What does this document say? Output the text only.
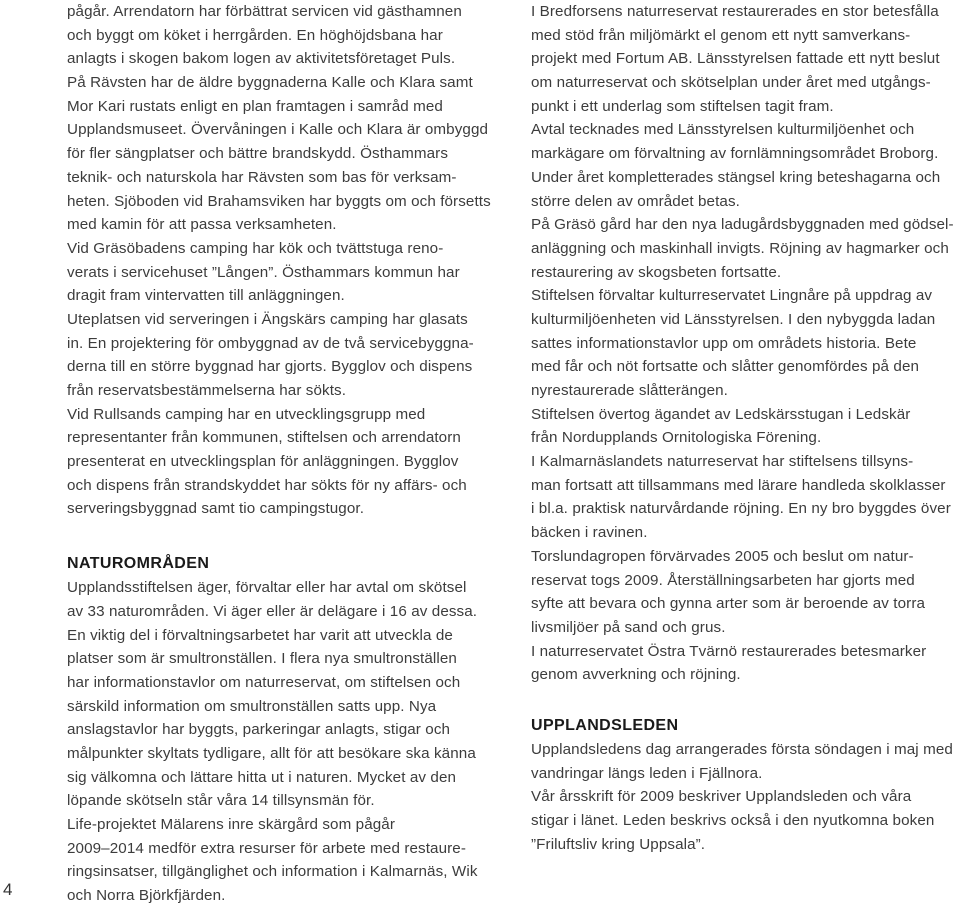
pågår. Arrendatorn har förbättrat servicen vid gästhamnen
och byggt om köket i herrgården. En höghöjdsbana har
anlagts i skogen bakom logen av aktivitetsföretaget Puls.
På Rävsten har de äldre byggnaderna Kalle och Klara samt
Mor Kari rustats enligt en plan framtagen i samråd med
Upplandsmuseet. Övervåningen i Kalle och Klara är ombyggd
för fler sängplatser och bättre brandskydd. Östhammars
teknik- och naturskola har Rävsten som bas för verksam-
heten. Sjöboden vid Brahamsviken har byggts om och försetts
med kamin för att passa verksamheten.
Vid Gräsöbadens camping har kök och tvättstuga reno-
verats i servicehuset ”Lången”. Östhammars kommun har
dragit fram vintervatten till anläggningen.
Uteplatsen vid serveringen i Ängskärs camping har glasats
in. En projektering för ombyggnad av de två servicebyggna-
derna till en större byggnad har gjorts. Bygglov och dispens
från reservatsbestämmelserna har sökts.
Vid Rullsands camping har en utvecklingsgrupp med
representanter från kommunen, stiftelsen och arrendatorn
presenterat en utvecklingsplan för anläggningen. Bygglov
och dispens från strandskyddet har sökts för ny affärs- och
serveringsbyggnad samt tio campingstugor.
NATUROMRÅDEN
Upplandsstiftelsen äger, förvaltar eller har avtal om skötsel
av 33 naturområden. Vi äger eller är delägare i 16 av dessa.
En viktig del i förvaltningsarbetet har varit att utveckla de
platser som är smultronställen. I flera nya smultronställen
har informationstavlor om naturreservat, om stiftelsen och
särskild information om smultronställen satts upp. Nya
anslagstavlor har byggts, parkeringar anlagts, stigar och
målpunkter skyltats tydligare, allt för att besökare ska känna
sig välkomna och lättare hitta ut i naturen. Mycket av den
löpande skötseln står våra 14 tillsynsmän för.
Life-projektet Mälarens inre skärgård som pågår
2009–2014 medför extra resurser för arbete med restaure-
ringsinsatser, tillgänglighet och information i Kalmarnäs, Wik
och Norra Björkfjärden.
I Bredforsens naturreservat restaurerades en stor betesfålla
med stöd från miljömärkt el genom ett nytt samverkans-
projekt med Fortum AB. Länsstyrelsen fattade ett nytt beslut
om naturreservat och skötselplan under året med utgångs-
punkt i ett underlag som stiftelsen tagit fram.
Avtal tecknades med Länsstyrelsen kulturmiljöenhet och
markägare om förvaltning av fornlämningsområdet Broborg.
Under året kompletterades stängsel kring beteshagarna och
större delen av området betas.
På Gräsö gård har den nya ladugårdsbyggnaden med gödsel-
anläggning och maskinhall invigts. Röjning av hagmarker och
restaurering av skogsbeten fortsatte.
Stiftelsen förvaltar kulturreservatet Lingnåre på uppdrag av
kulturmiljöenheten vid Länsstyrelsen. I den nybyggda ladan
sattes informationstavlor upp om områdets historia. Bete
med får och nöt fortsatte och slåtter genomfördes på den
nyrestaurerade slåtterängen.
Stiftelsen övertog ägandet av Ledskärsstugan i Ledskär
från Nordupplands Ornitologiska Förening.
I Kalmarnäslandets naturreservat har stiftelsens tillsyns-
man fortsatt att tillsammans med lärare handleda skolklasser
i bl.a. praktisk naturvårdande röjning. En ny bro byggdes över
bäcken i ravinen.
Torslundagropen förvärvades 2005 och beslut om natur-
reservat togs 2009. Återställningsarbeten har gjorts med
syfte att bevara och gynna arter som är beroende av torra
livsmiljöer på sand och grus.
I naturreservatet Östra Tvärnö restaurerades betesmarker
genom avverkning och röjning.
UPPLANDSLEDEN
Upplandsledens dag arrangerades första söndagen i maj med
vandringar längs leden i Fjällnora.
Vår årsskrift för 2009 beskriver Upplandsleden och våra
stigar i länet. Leden beskrivs också i den nyutkomna boken
”Friluftsliv kring Uppsala”.
4
